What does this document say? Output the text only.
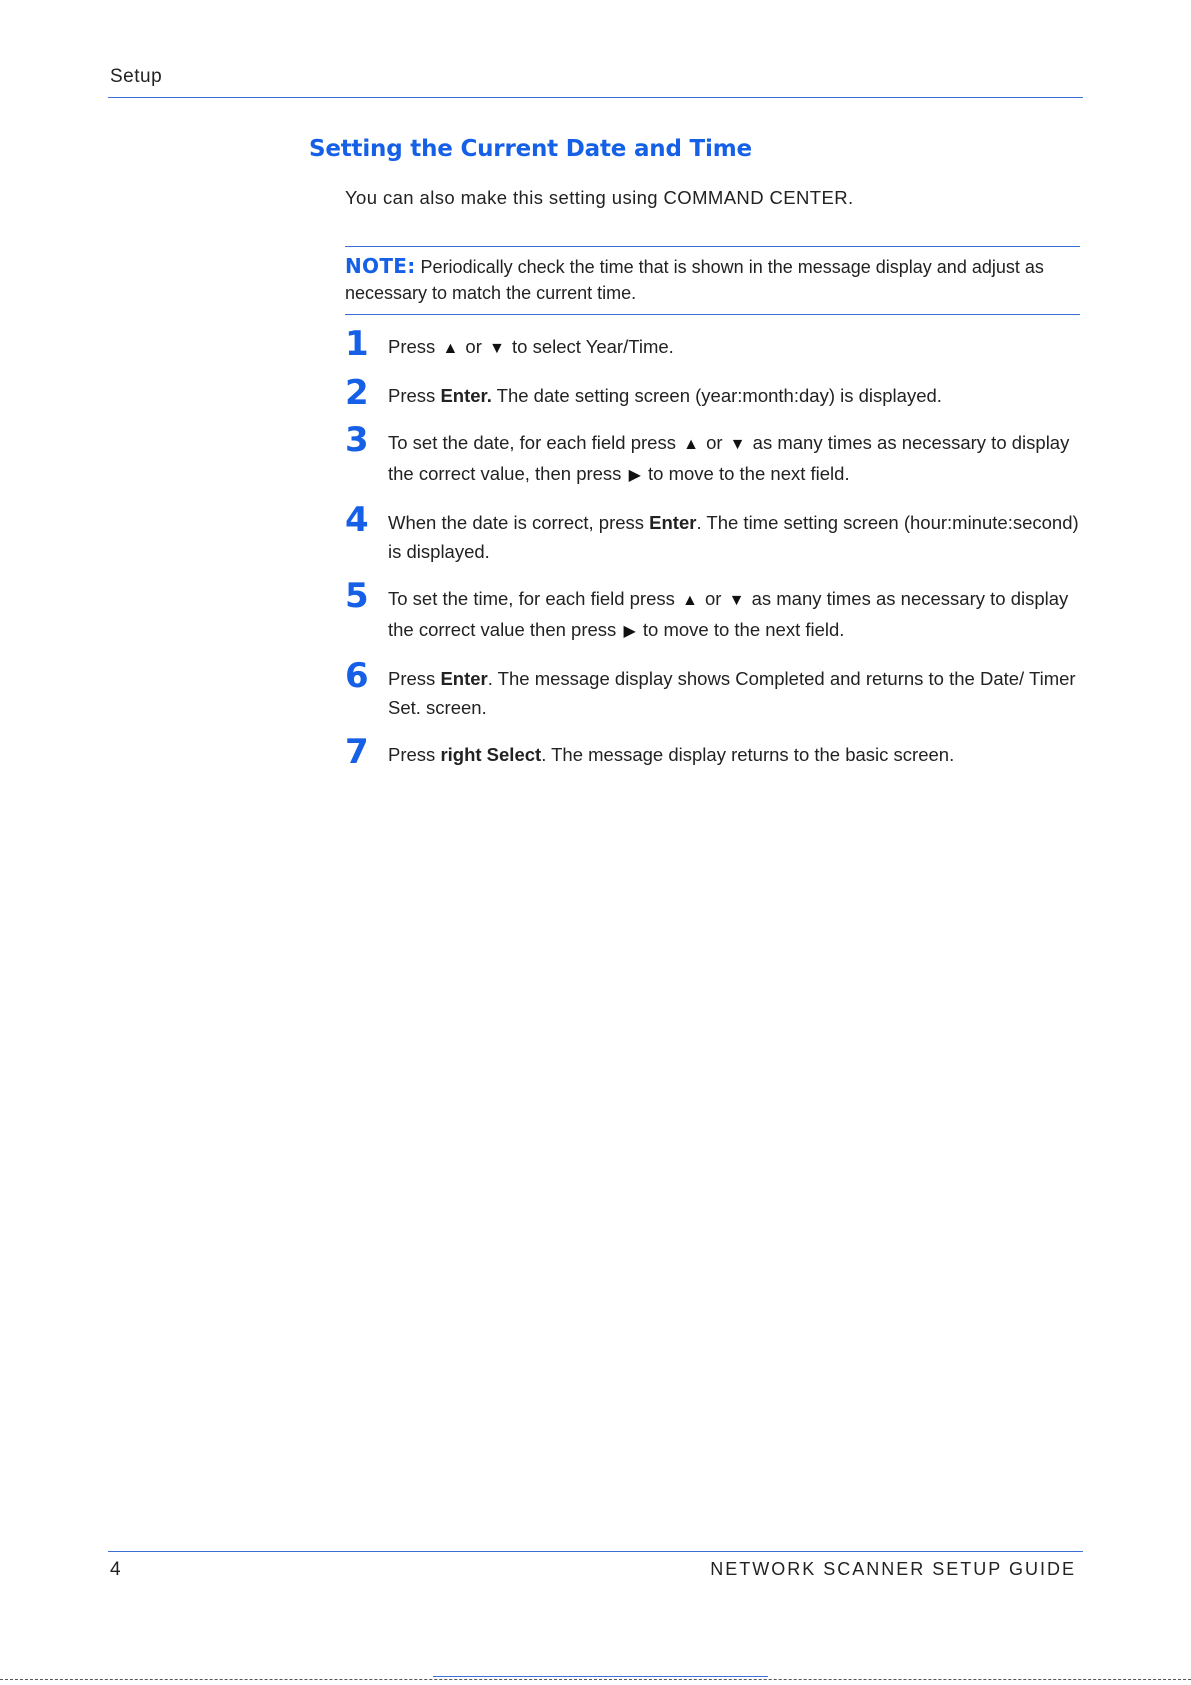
Setup
Setting the Current Date and Time
You can also make this setting using COMMAND CENTER.
NOTE: Periodically check the time that is shown in the message display and adjust as necessary to match the current time.
1 Press ▲ or ▼ to select Year/Time.
2 Press Enter. The date setting screen (year:month:day) is displayed.
3 To set the date, for each field press ▲ or ▼ as many times as necessary to display the correct value, then press ▶ to move to the next field.
4 When the date is correct, press Enter. The time setting screen (hour:minute:second) is displayed.
5 To set the time, for each field press ▲ or ▼ as many times as necessary to display the correct value then press ▶ to move to the next field.
6 Press Enter. The message display shows Completed and returns to the Date/ Timer Set. screen.
7 Press right Select. The message display returns to the basic screen.
4	NETWORK SCANNER SETUP GUIDE
